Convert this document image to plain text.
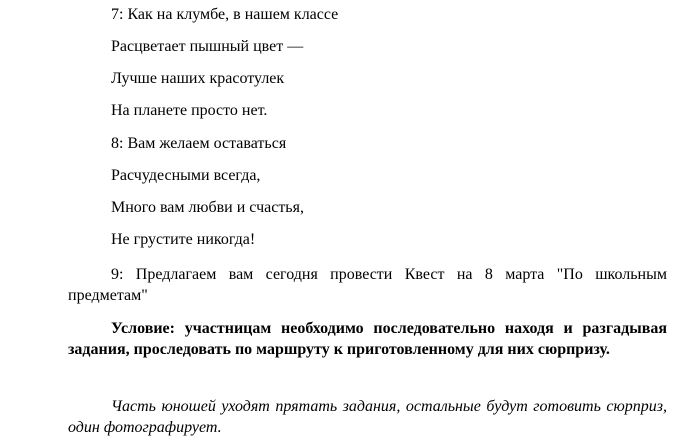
7: Как на клумбе, в нашем классе
Расцветает пышный цвет —
Лучше наших красотулек
На планете просто нет.
8: Вам желаем оставаться
Расчудесными всегда,
Много вам любви и счастья,
Не грустите никогда!
9: Предлагаем вам сегодня провести Квест на 8 марта "По школьным предметам"
Условие: участницам необходимо последовательно находя и разгадывая задания, проследовать по маршруту к приготовленному для них сюрпризу.
Часть юношей уходят прятать задания, остальные будут готовить сюрприз, один фотографирует.
